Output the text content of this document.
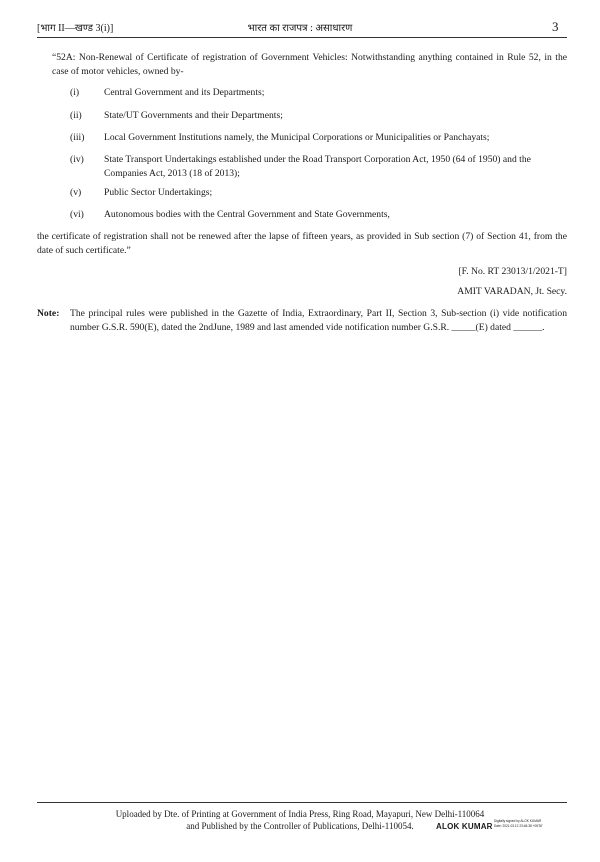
[भाग II—खण्ड 3(i)]	भारत का राजपत्र : असाधारण	3
“52A: Non-Renewal of Certificate of registration of Government Vehicles: Notwithstanding anything contained in Rule 52, in the case of motor vehicles, owned by-
(i)	Central Government and its Departments;
(ii)	State/UT Governments and their Departments;
(iii)	Local Government Institutions namely, the Municipal Corporations or Municipalities or Panchayats;
(iv)	State Transport Undertakings established under the Road Transport Corporation Act, 1950 (64 of 1950) and the Companies Act, 2013 (18 of 2013);
(v)	Public Sector Undertakings;
(vi)	Autonomous bodies with the Central Government and State Governments,
the certificate of registration shall not be renewed after the lapse of fifteen years, as provided in Sub section (7) of Section 41, from the date of such certificate.”
[F. No. RT 23013/1/2021-T]
AMIT VARADAN, Jt. Secy.
Note: The principal rules were published in the Gazette of India, Extraordinary, Part II, Section 3, Sub-section (i) vide notification number G.S.R. 590(E), dated the 2ndJune, 1989 and last amended vide notification number G.S.R. _____(E) dated ______.
Uploaded by Dte. of Printing at Government of India Press, Ring Road, Mayapuri, New Delhi-110064
and Published by the Controller of Publications, Delhi-110054.	ALOK KUMAR
Digitally signed by ALOK KUMAR
Date: 2021.03.12 23:46:38 +05'30'
